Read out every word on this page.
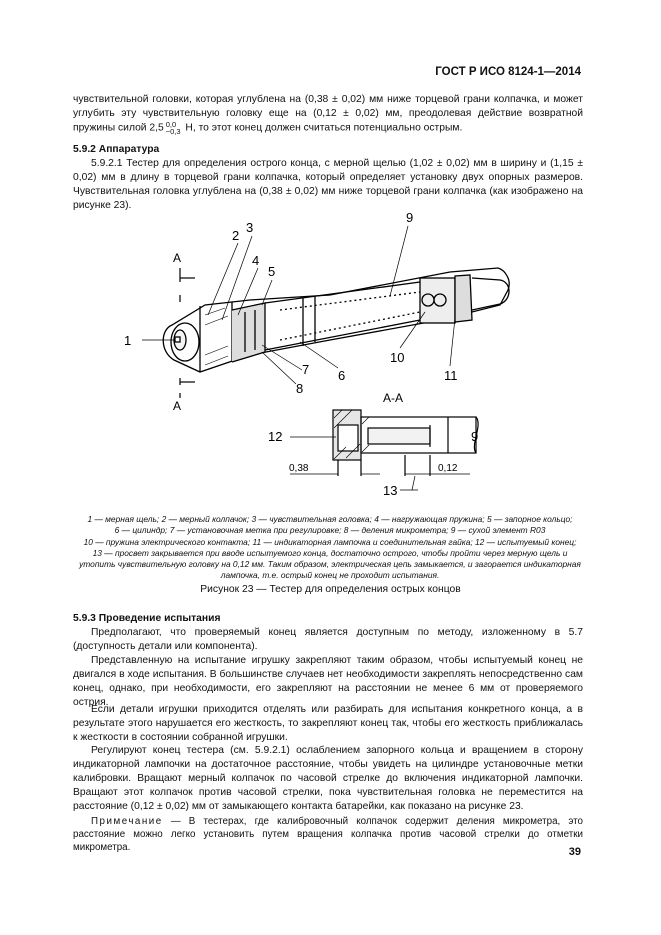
ГОСТ Р ИСО 8124-1—2014
чувствительной головки, которая углублена на (0,38 ± 0,02) мм ниже торцевой грани колпачка, и может углубить эту чувствительную головку еще на (0,12 ± 0,02) мм, преодолевая действие возвратной пружины силой 2,5 0,0
−0,3 Н, то этот конец должен считаться потенциально острым.
5.9.2 Аппаратура
5.9.2.1 Тестер для определения острого конца, с мерной щелью (1,02 ± 0,02) мм в ширину и (1,15 ± 0,02) мм в длину в торцевой грани колпачка, который определяет установку двух опорных размеров. Чувствительная головка углублена на (0,38 ± 0,02) мм ниже торцевой грани колпачка (как изображено на рисунке 23).
А
А
1
2
3
4
5
6
7
8
9
10
11
А-А
12	9
13
0,38	0,12
1 — мерная щель; 2 — мерный колпачок; 3 — чувствительная головка; 4 — нагружающая пружина; 5 — запорное кольцо;
6 — цилиндр; 7 — установочная метка при регулировке; 8 — деления микрометра; 9 — сухой элемент R03
10 — пружина электрического контакта; 11 — индикаторная лампочка и соединительная гайка; 12 — испытуемый конец;
13 — просвет закрывается при вводе испытуемого конца, достаточно острого, чтобы пройти через мерную щель и
утопить чувствительную головку на 0,12 мм. Таким образом, электрическая цепь замыкается, и загорается индикаторная
лампочка, т.е. острый конец не проходит испытания.
Рисунок 23 — Тестер для определения острых концов
5.9.3 Проведение испытания
Предполагают, что проверяемый конец является доступным по методу, изложенному в 5.7 (доступность детали или компонента).
Представленную на испытание игрушку закрепляют таким образом, чтобы испытуемый конец не двигался в ходе испытания. В большинстве случаев нет необходимости закреплять непосредственно сам конец, однако, при необходимости, его закрепляют на расстоянии не менее 6 мм от проверяемого острия.
Если детали игрушки приходится отделять или разбирать для испытания конкретного конца, а в результате этого нарушается его жесткость, то закрепляют конец так, чтобы его жесткость приближалась к жесткости в состоянии собранной игрушки.
Регулируют конец тестера (см. 5.9.2.1) ослаблением запорного кольца и вращением в сторону индикаторной лампочки на достаточное расстояние, чтобы увидеть на цилиндре установочные метки калибровки. Вращают мерный колпачок по часовой стрелке до включения индикаторной лампочки. Вращают этот колпачок против часовой стрелки, пока чувствительная головка не переместится на расстояние (0,12 ± 0,02) мм от замыкающего контакта батарейки, как показано на рисунке 23.
Примечание — В тестерах, где калибровочный колпачок содержит деления микрометра, это расстояние можно легко установить путем вращения колпачка против часовой стрелки до отметки микрометра.	39
